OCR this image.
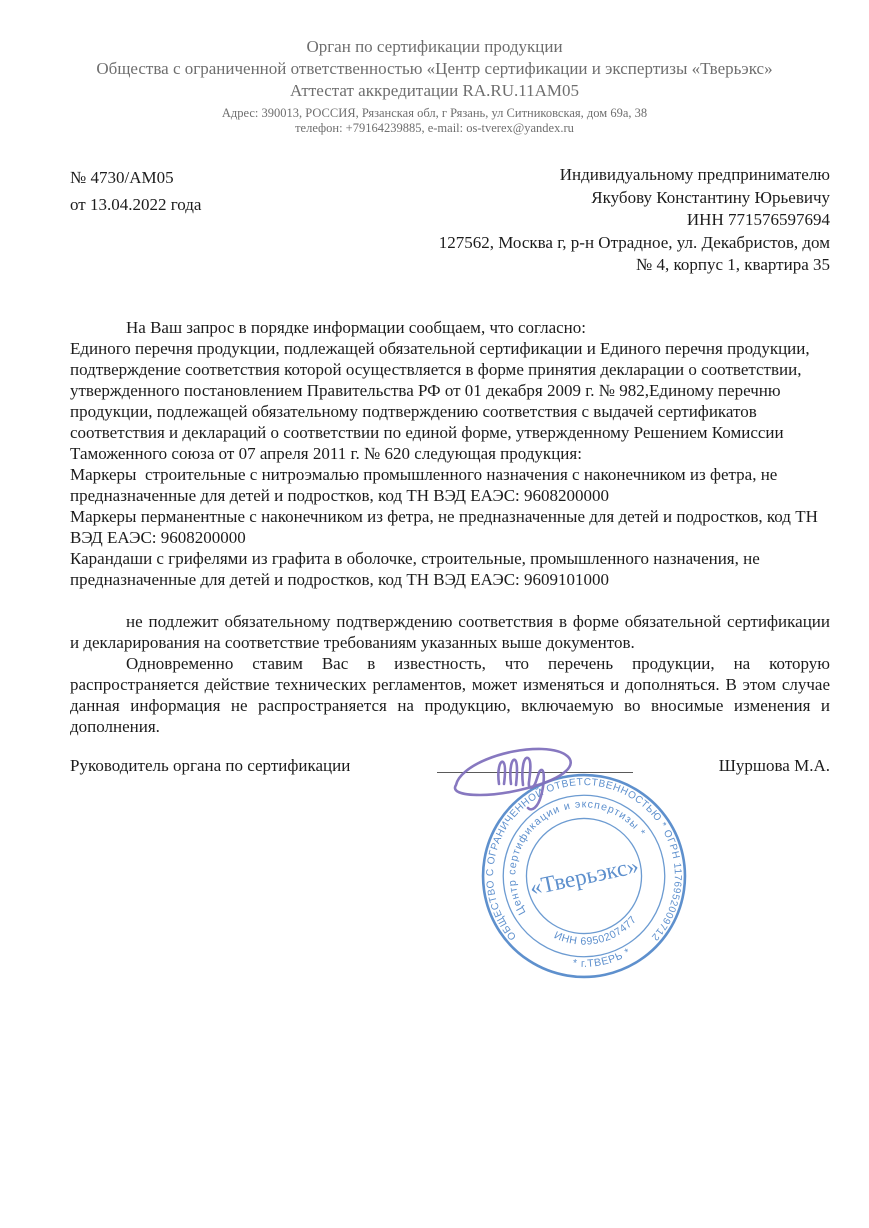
Орган по сертификации продукции
Общества с ограниченной ответственностью «Центр сертификации и экспертизы «Тверьэкс»
Аттестат аккредитации RA.RU.11AM05
Адрес: 390013, РОССИЯ, Рязанская обл, г Рязань, ул Ситниковская, дом 69а, 38
телефон: +79164239885, e-mail: os-tverex@yandex.ru
№ 4730/АМ05
от 13.04.2022 года
Индивидуальному предпринимателю
Якубову Константину Юрьевичу
ИНН 771576597694
127562, Москва г, р-н Отрадное, ул. Декабристов, дом
№ 4, корпус 1, квартира 35
На Ваш запрос в порядке информации сообщаем, что согласно:
Единого перечня продукции, подлежащей обязательной сертификации и Единого перечня продукции, подтверждение соответствия которой осуществляется в форме принятия декларации о соответствии, утвержденного постановлением Правительства РФ от 01 декабря 2009 г. № 982,Единому перечню продукции, подлежащей обязательному подтверждению соответствия с выдачей сертификатов соответствия и деклараций о соответствии по единой форме, утвержденному Решением Комиссии Таможенного союза от 07 апреля 2011 г. № 620 следующая продукция:
Маркеры  строительные с нитроэмалью промышленного назначения с наконечником из фетра, не предназначенные для детей и подростков, код ТН ВЭД ЕАЭС: 9608200000
Маркеры перманентные с наконечником из фетра, не предназначенные для детей и подростков, код ТН ВЭД ЕАЭС: 9608200000
Карандаши с грифелями из графита в оболочке, строительные, промышленного назначения, не предназначенные для детей и подростков, код ТН ВЭД ЕАЭС: 9609101000
не подлежит обязательному подтверждению соответствия в форме обязательной сертификации и декларирования на соответствие требованиям указанных выше документов.
Одновременно ставим Вас в известность, что перечень продукции, на которую распространяется действие технических регламентов, может изменяться и дополняться. В этом случае данная информация не распространяется на продукцию, включаемую во вносимые изменения и дополнения.
Руководитель органа по сертификации	Шуршова М.А.
ОБЩЕСТВО С ОГРАНИЧЕННОЙ ОТВЕТСТВЕННОСТЬЮ * ОГРН 1176952009712
* г.ТВЕРЬ *
Центр сертификации и экспертизы *
ИНН 6950207477
«Тверьэкс»
